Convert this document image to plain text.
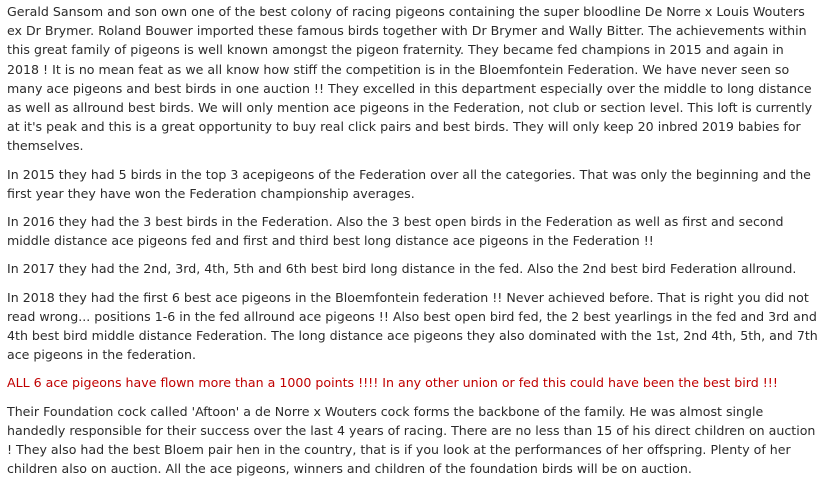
Gerald Sansom and son own one of the best colony of racing pigeons containing the super bloodline De Norre x Louis Wouters ex Dr Brymer. Roland Bouwer imported these famous birds together with Dr Brymer and Wally Bitter. The achievements within this great family of pigeons is well known amongst the pigeon fraternity. They became fed champions in 2015 and again in 2018 ! It is no mean feat as we all know how stiff the competition is in the Bloemfontein Federation. We have never seen so many ace pigeons and best birds in one auction !! They excelled in this department especially over the middle to long distance as well as allround best birds. We will only mention ace pigeons in the Federation, not club or section level. This loft is currently at it's peak and this is a great opportunity to buy real click pairs and best birds. They will only keep 20 inbred 2019 babies for themselves.

In 2015 they had 5 birds in the top 3 acepigeons of the Federation over all the categories. That was only the beginning and the first year they have won the Federation championship averages.

In 2016 they had the 3 best birds in the Federation. Also the 3 best open birds in the Federation as well as first and second middle distance ace pigeons fed and first and third best long distance ace pigeons in the Federation !!

In 2017 they had the 2nd, 3rd, 4th, 5th and 6th best bird long distance in the fed. Also the 2nd best bird Federation allround.

In 2018 they had the first 6 best ace pigeons in the Bloemfontein federation !! Never achieved before. That is right you did not read wrong... positions 1-6 in the fed allround ace pigeons !! Also best open bird fed, the 2 best yearlings in the fed and 3rd and 4th best bird middle distance Federation. The long distance ace pigeons they also dominated with the 1st, 2nd 4th, 5th, and 7th ace pigeons in the federation.

ALL 6 ace pigeons have flown more than a 1000 points !!!! In any other union or fed this could have been the best bird !!!

Their Foundation cock called 'Aftoon' a de Norre x Wouters cock forms the backbone of the family. He was almost single handedly responsible for their success over the last 4 years of racing. There are no less than 15 of his direct children on auction ! They also had the best Bloem pair hen in the country, that is if you look at the performances of her offspring. Plenty of her children also on auction. All the ace pigeons, winners and children of the foundation birds will be on auction.
